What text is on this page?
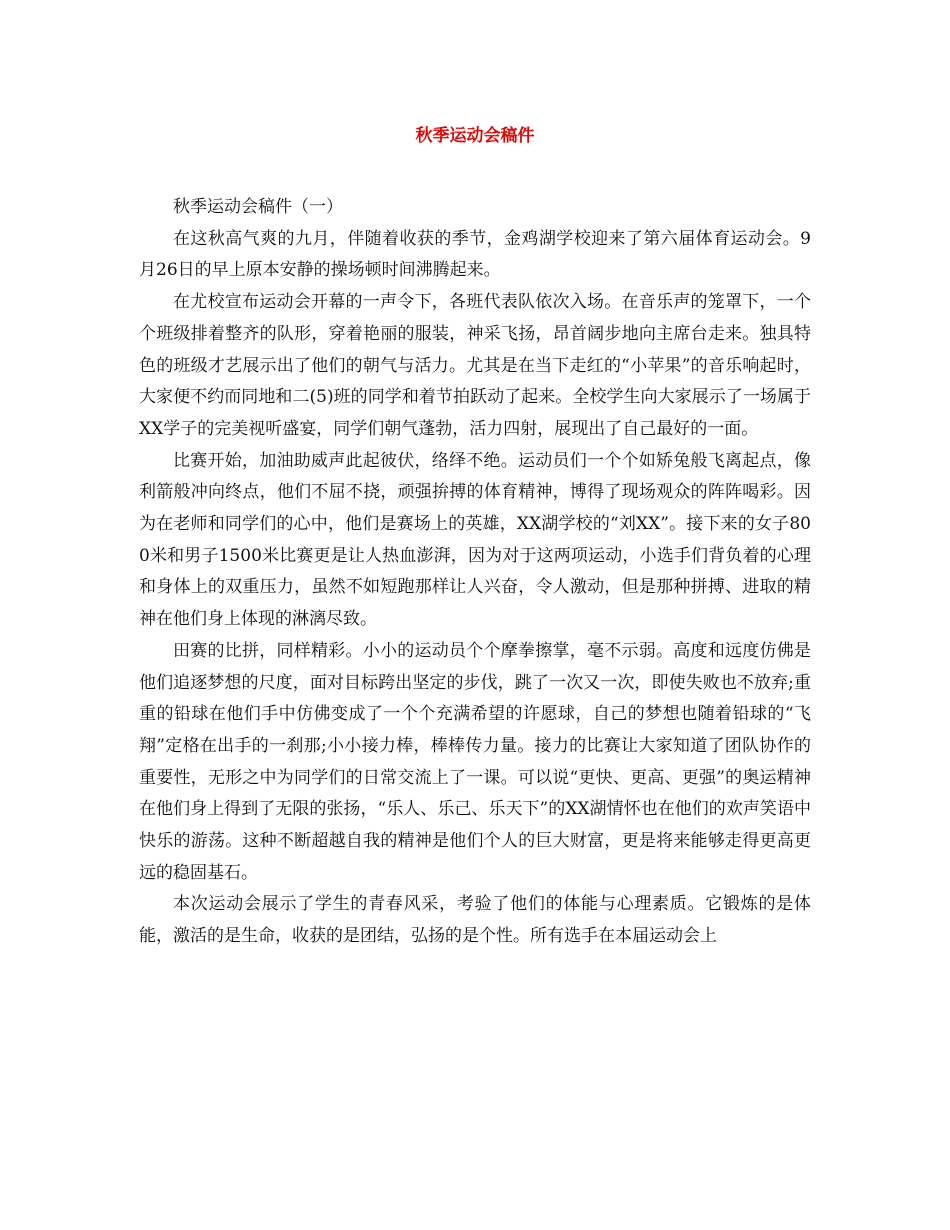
秋季运动会稿件

秋季运动会稿件（一）

在这秋高气爽的九月，伴随着收获的季节，金鸡湖学校迎来了第六届体育运动会。9月26日的早上原本安静的操场顿时间沸腾起来。

在尤校宣布运动会开幕的一声令下，各班代表队依次入场。在音乐声的笼罩下，一个个班级排着整齐的队形，穿着艳丽的服装，神采飞扬，昂首阔步地向主席台走来。独具特色的班级才艺展示出了他们的朝气与活力。尤其是在当下走红的“小苹果”的音乐响起时，大家便不约而同地和二(5)班的同学和着节拍跃动了起来。全校学生向大家展示了一场属于XX学子的完美视听盛宴，同学们朝气蓬勃，活力四射，展现出了自己最好的一面。

比赛开始，加油助威声此起彼伏，络绎不绝。运动员们一个个如矫兔般飞离起点，像利箭般冲向终点，他们不屈不挠，顽强拚搏的体育精神，博得了现场观众的阵阵喝彩。因为在老师和同学们的心中，他们是赛场上的英雄，XX湖学校的“刘XX”。接下来的女子800米和男子1500米比赛更是让人热血澎湃，因为对于这两项运动，小选手们背负着的心理和身体上的双重压力，虽然不如短跑那样让人兴奋，令人激动，但是那种拼搏、进取的精神在他们身上体现的淋漓尽致。

田赛的比拼，同样精彩。小小的运动员个个摩拳擦掌，毫不示弱。高度和远度仿佛是他们追逐梦想的尺度，面对目标跨出坚定的步伐，跳了一次又一次，即使失败也不放弃;重重的铅球在他们手中仿佛变成了一个个充满希望的许愿球，自己的梦想也随着铅球的“飞翔”定格在出手的一刹那;小小接力棒，棒棒传力量。接力的比赛让大家知道了团队协作的重要性，无形之中为同学们的日常交流上了一课。可以说“更快、更高、更强”的奥运精神在他们身上得到了无限的张扬，“乐人、乐己、乐天下”的XX湖情怀也在他们的欢声笑语中快乐的游荡。这种不断超越自我的精神是他们个人的巨大财富，更是将来能够走得更高更远的稳固基石。

本次运动会展示了学生的青春风采，考验了他们的体能与心理素质。它锻炼的是体能，激活的是生命，收获的是团结，弘扬的是个性。所有选手在本届运动会上
